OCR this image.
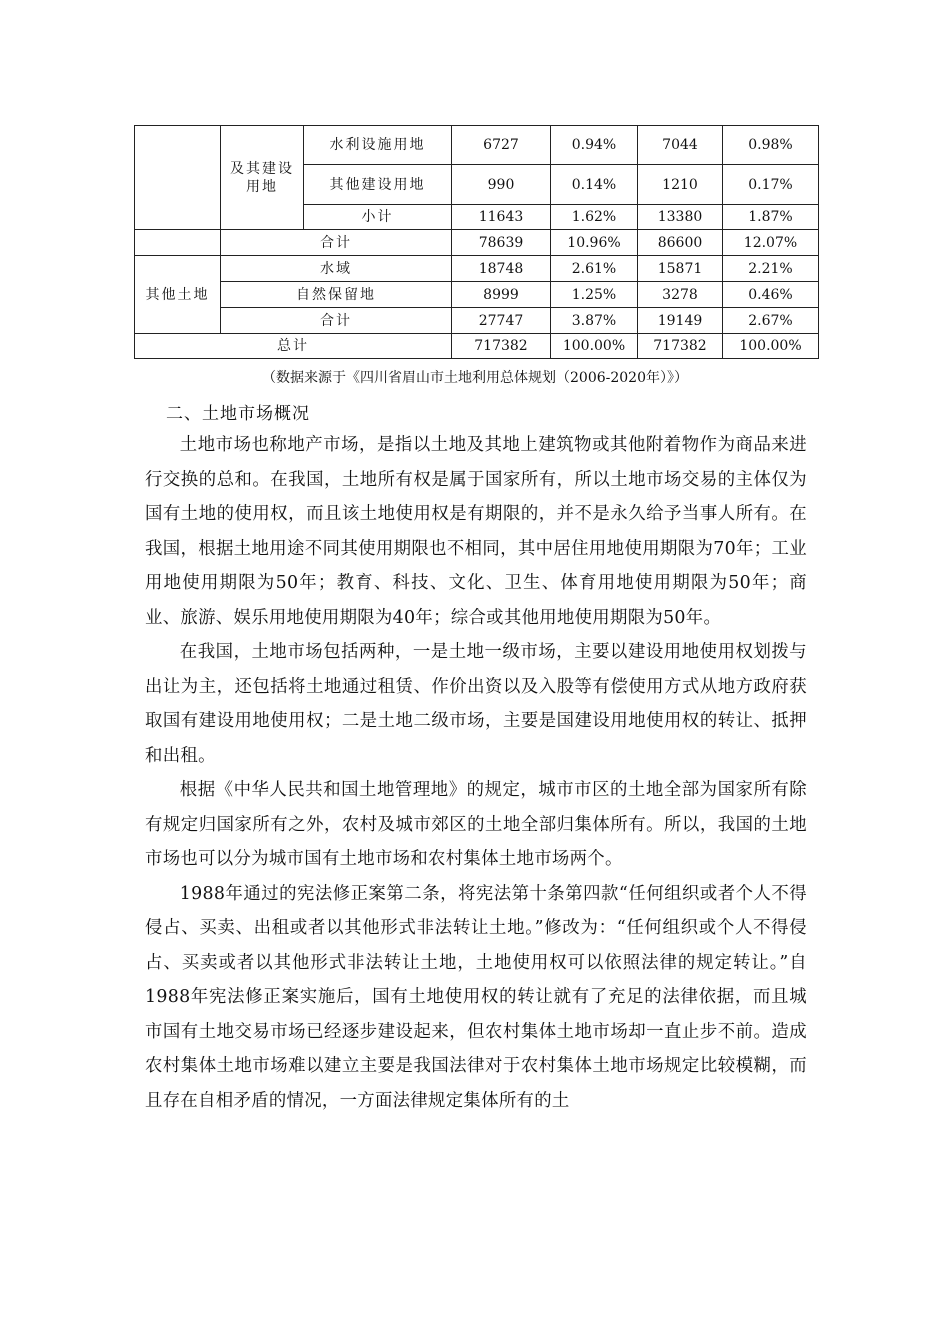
	及其建设用地	水利设施用地	6727	0.94%	7044	0.98%
		其他建设用地	990	0.14%	1210	0.17%
		小计	11643	1.62%	13380	1.87%
	合计		78639	10.96%	86600	12.07%
其他土地	水域		18748	2.61%	15871	2.21%
	自然保留地		8999	1.25%	3278	0.46%
	合计		27747	3.87%	19149	2.67%
总计			717382	100.00%	717382	100.00%
（数据来源于《四川省眉山市土地利用总体规划（2006-2020年）》）
二、土地市场概况

土地市场也称地产市场，是指以土地及其地上建筑物或其他附着物作为商品来进行交换的总和。在我国，土地所有权是属于国家所有，所以土地市场交易的主体仅为国有土地的使用权，而且该土地使用权是有期限的，并不是永久给予当事人所有。在我国，根据土地用途不同其使用期限也不相同，其中居住用地使用期限为70年；工业用地使用期限为50年；教育、科技、文化、卫生、体育用地使用期限为50年；商业、旅游、娱乐用地使用期限为40年；综合或其他用地使用期限为50年。

在我国，土地市场包括两种，一是土地一级市场，主要以建设用地使用权划拨与出让为主，还包括将土地通过租赁、作价出资以及入股等有偿使用方式从地方政府获取国有建设用地使用权；二是土地二级市场，主要是国建设用地使用权的转让、抵押和出租。

根据《中华人民共和国土地管理地》的规定，城市市区的土地全部为国家所有除有规定归国家所有之外，农村及城市郊区的土地全部归集体所有。所以，我国的土地市场也可以分为城市国有土地市场和农村集体土地市场两个。

1988年通过的宪法修正案第二条，将宪法第十条第四款“任何组织或者个人不得侵占、买卖、出租或者以其他形式非法转让土地。”修改为：“任何组织或个人不得侵占、买卖或者以其他形式非法转让土地，土地使用权可以依照法律的规定转让。”自1988年宪法修正案实施后，国有土地使用权的转让就有了充足的法律依据，而且城市国有土地交易市场已经逐步建设起来，但农村集体土地市场却一直止步不前。造成农村集体土地市场难以建立主要是我国法律对于农村集体土地市场规定比较模糊，而且存在自相矛盾的情况，一方面法律规定集体所有的土
